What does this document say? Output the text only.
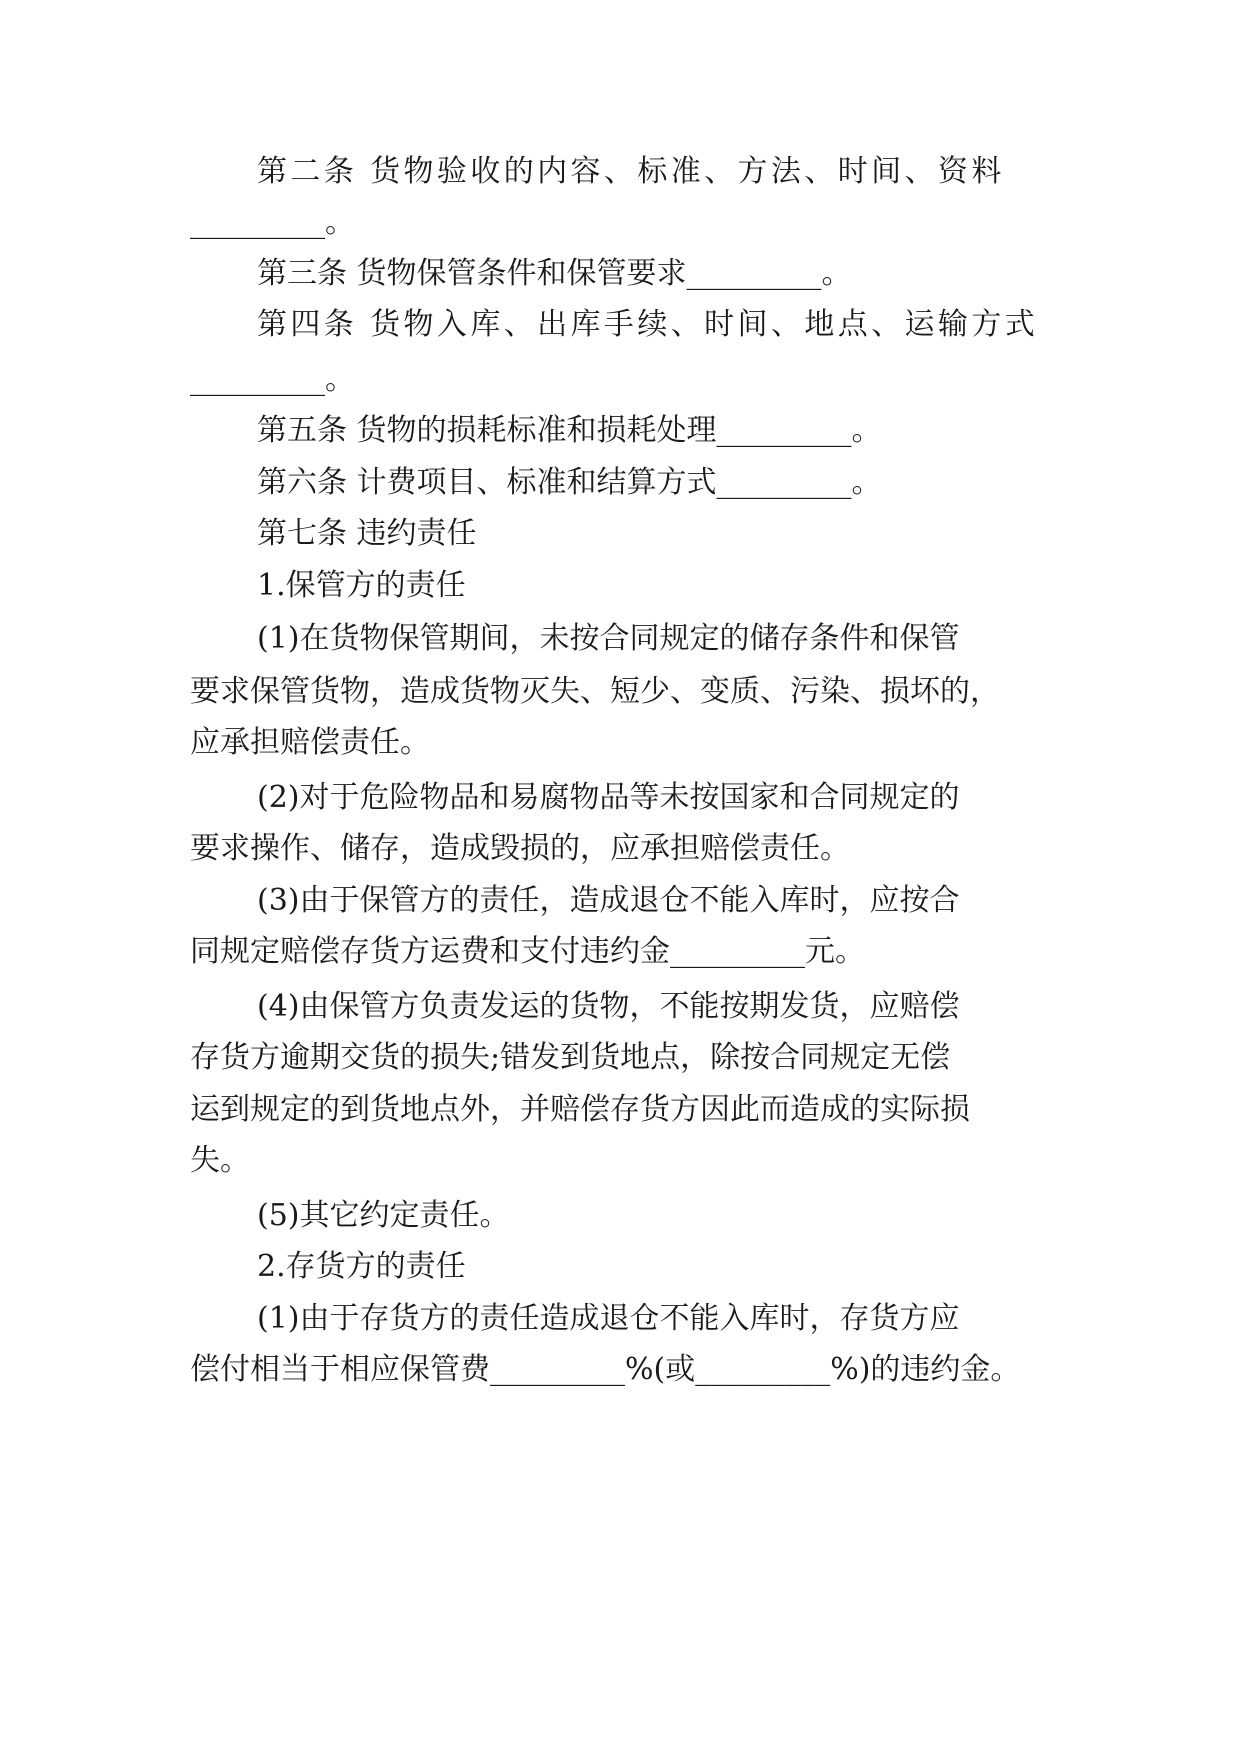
第二条 货物验收的内容、标准、方法、时间、资料
_________。
第三条 货物保管条件和保管要求_________。
第四条 货物入库、出库手续、时间、地点、运输方式
_________。
第五条 货物的损耗标准和损耗处理_________。
第六条 计费项目、标准和结算方式_________。
第七条 违约责任
1.保管方的责任
(1)在货物保管期间，未按合同规定的储存条件和保管
要求保管货物，造成货物灭失、短少、变质、污染、损坏的，
应承担赔偿责任。
(2)对于危险物品和易腐物品等未按国家和合同规定的
要求操作、储存，造成毁损的，应承担赔偿责任。
(3)由于保管方的责任，造成退仓不能入库时，应按合
同规定赔偿存货方运费和支付违约金_________元。
(4)由保管方负责发运的货物，不能按期发货，应赔偿
存货方逾期交货的损失;错发到货地点，除按合同规定无偿
运到规定的到货地点外，并赔偿存货方因此而造成的实际损
失。
(5)其它约定责任。
2.存货方的责任
(1)由于存货方的责任造成退仓不能入库时，存货方应
偿付相当于相应保管费_________%(或_________%)的违约金。
